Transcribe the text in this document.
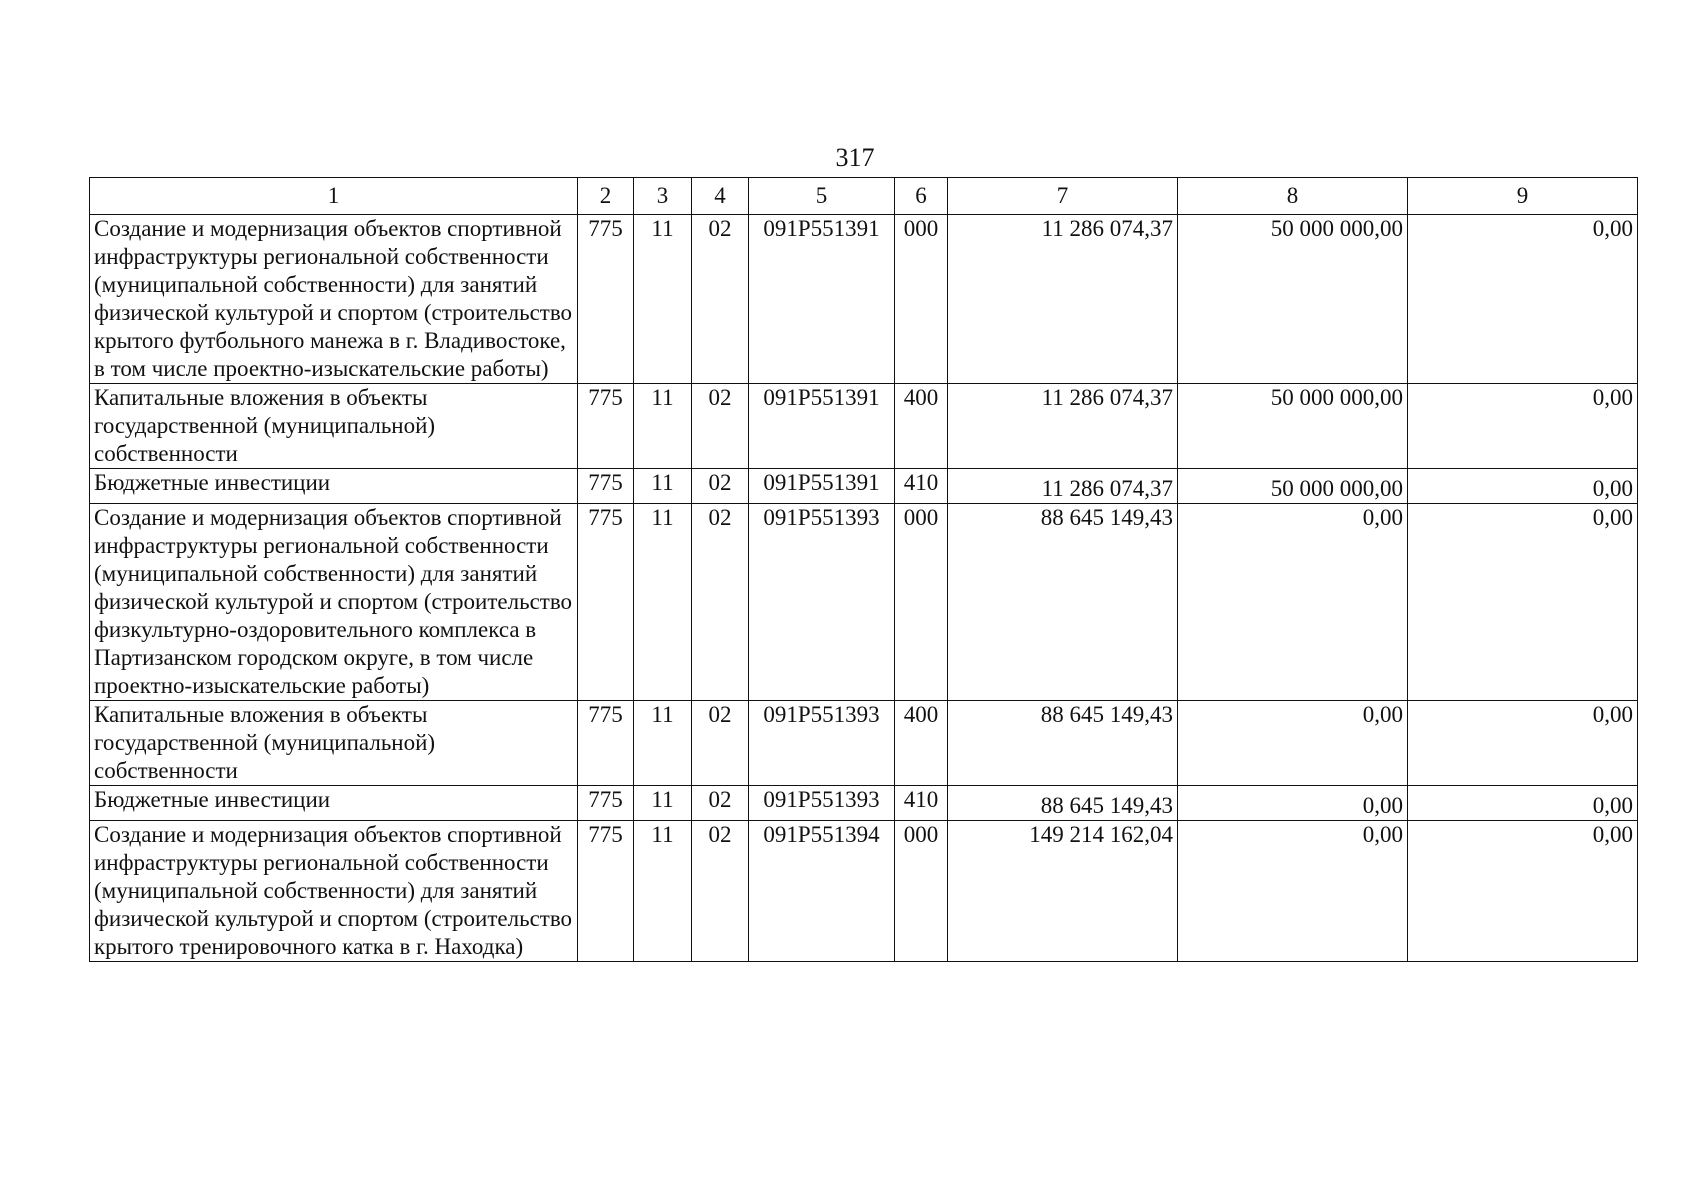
317
1	2	3	4	5	6	7	8	9
Создание и модернизация объектов спортивной инфраструктуры региональной собственности (муниципальной собственности) для занятий физической культурой и спортом (строительство крытого футбольного манежа в г. Владивостоке, в том числе проектно-изыскательские работы)	775	11	02	091P551391	000	11 286 074,37	50 000 000,00	0,00
Капитальные вложения в объекты государственной (муниципальной) собственности	775	11	02	091P551391	400	11 286 074,37	50 000 000,00	0,00
Бюджетные инвестиции	775	11	02	091P551391	410	11 286 074,37	50 000 000,00	0,00
Создание и модернизация объектов спортивной инфраструктуры региональной собственности (муниципальной собственности) для занятий физической культурой и спортом (строительство физкультурно-оздоровительного комплекса в Партизанском городском округе, в том числе проектно-изыскательские работы)	775	11	02	091P551393	000	88 645 149,43	0,00	0,00
Капитальные вложения в объекты государственной (муниципальной) собственности	775	11	02	091P551393	400	88 645 149,43	0,00	0,00
Бюджетные инвестиции	775	11	02	091P551393	410	88 645 149,43	0,00	0,00
Создание и модернизация объектов спортивной инфраструктуры региональной собственности (муниципальной собственности) для занятий физической культурой и спортом (строительство крытого тренировочного катка в г. Находка)	775	11	02	091P551394	000	149 214 162,04	0,00	0,00
